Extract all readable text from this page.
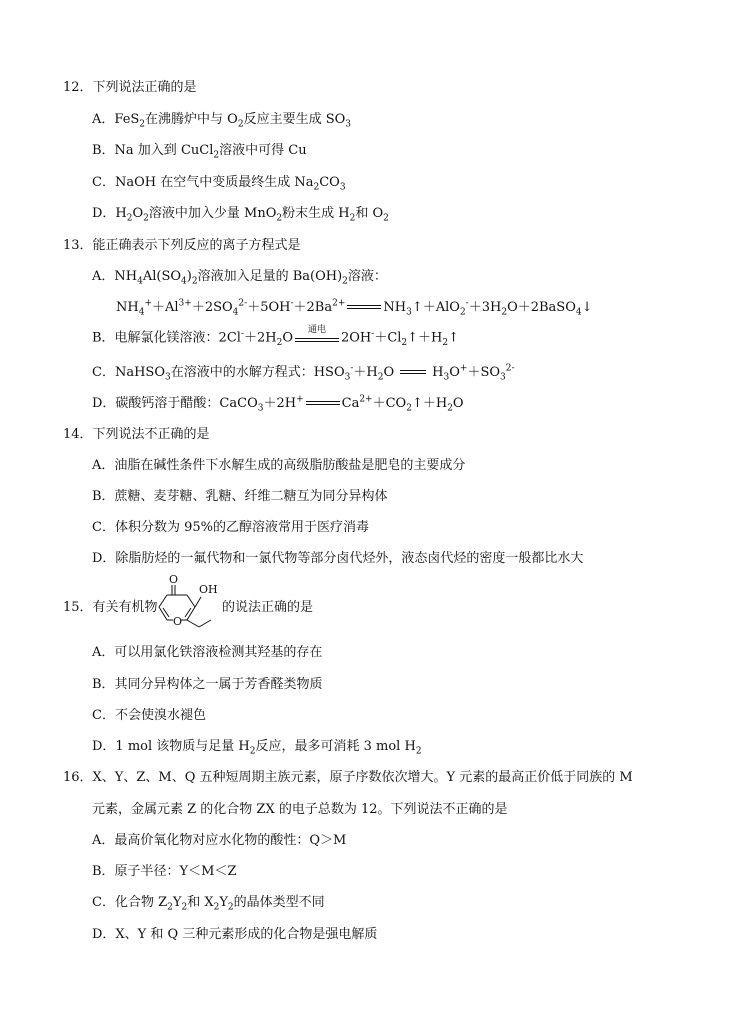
12．下列说法正确的是
A．FeS$_2$在沸腾炉中与 $O_2$反应主要生成 $SO_3$
B．Na 加入到 CuCl$_2$溶液中可得 Cu
C．NaOH 在空气中变质最终生成 $Na_2CO_3$
D．$H_2O_2$溶液中加入少量 MnO$_2$粉末生成 $H_2$和 $O_2$
13．能正确表示下列反应的离子方程式是
A．$NH_4Al(SO_4)_2$溶液加入足量的 $Ba(OH)_2$溶液：
$NH_4^++Al^{3+}+2SO_4^{2-}+5OH^-+2Ba^{2+}$	$NH_3↑+AlO_2^-+3H_2O+2BaSO_4↓$
B．电解氯化镁溶液：$2Cl^-+2H_2O$
通电
$2OH^-+Cl_2↑+H_2↑$
C．NaHSO$_3$在溶液中的水解方程式：$HSO_3^-+H_2O$	$H_3O^++SO_3^{2-}$
D．碳酸钙溶于醋酸：CaCO$_3$＋2H+	$Ca^{2+}+CO_2↑+H_2O$
14．下列说法不正确的是
A．油脂在碱性条件下水解生成的高级脂肪酸盐是肥皂的主要成分
B．蔗糖、麦芽糖、乳糖、纤维二糖互为同分异构体
C．体积分数为 95%的乙醇溶液常用于医疗消毒
D．除脂肪烃的一氟代物和一氯代物等部分卤代烃外，液态卤代烃的密度一般都比水大
15．有关有机物
O
OH
O
的说法正确的是
A．可以用氯化铁溶液检测其羟基的存在
B．其同分异构体之一属于芳香醛类物质
C．不会使溴水褪色
D．1 mol 该物质与足量 $H_2$反应，最多可消耗 3 mol $H_2$
16．X、Y、Z、M、Q 五种短周期主族元素，原子序数依次增大。Y 元素的最高正价低于同族的 M
元素，金属元素 Z 的化合物 ZX 的电子总数为 12。下列说法不正确的是
A．最高价氧化物对应水化物的酸性：Q＞M
B．原子半径：Y＜M＜Z
C．化合物 $Z_2Y_2$和 $X_2Y_2$的晶体类型不同
D．X、Y 和 Q 三种元素形成的化合物是强电解质
